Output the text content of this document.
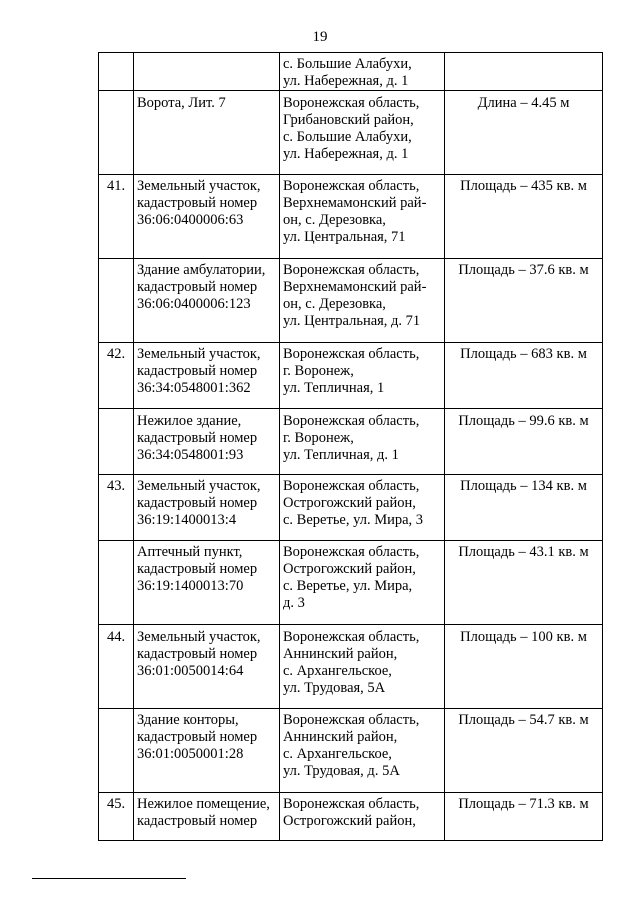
19

		с. Большие Алабухи,
ул. Набережная, д. 1	

	Ворота, Лит. 7	Воронежская область,
Грибановский район,
с. Большие Алабухи,
ул. Набережная, д. 1	Длина – 4.45 м
41.	Земельный участок,
кадастровый номер
36:06:0400006:63	Воронежская область,
Верхнемамонский рай-
он, с. Дерезовка,
ул. Центральная, 71	Площадь – 435 кв. м

	Здание амбулатории,
кадастровый номер
36:06:0400006:123	Воронежская область,
Верхнемамонский рай-
он, с. Дерезовка,
ул. Центральная, д. 71	Площадь – 37.6 кв. м
42.	Земельный участок,
кадастровый номер
36:34:0548001:362	Воронежская область,
г. Воронеж,
ул. Тепличная, 1	Площадь – 683 кв. м

	Нежилое здание,
кадастровый номер
36:34:0548001:93	Воронежская область,
г. Воронеж,
ул. Тепличная, д. 1	Площадь – 99.6 кв. м
43.	Земельный участок,
кадастровый номер
36:19:1400013:4	Воронежская область,
Острогожский район,
с. Веретье, ул. Мира, 3	Площадь – 134 кв. м

	Аптечный пункт,
кадастровый номер
36:19:1400013:70	Воронежская область,
Острогожский район,
с. Веретье, ул. Мира,
д. 3	Площадь – 43.1 кв. м
44.	Земельный участок,
кадастровый номер
36:01:0050014:64	Воронежская область,
Аннинский район,
с. Архангельское,
ул. Трудовая, 5А	Площадь – 100 кв. м

	Здание конторы,
кадастровый номер
36:01:0050001:28	Воронежская область,
Аннинский район,
с. Архангельское,
ул. Трудовая, д. 5А	Площадь – 54.7 кв. м
45.	Нежилое помещение,
кадастровый номер	Воронежская область,
Острогожский район,	Площадь – 71.3 кв. м
